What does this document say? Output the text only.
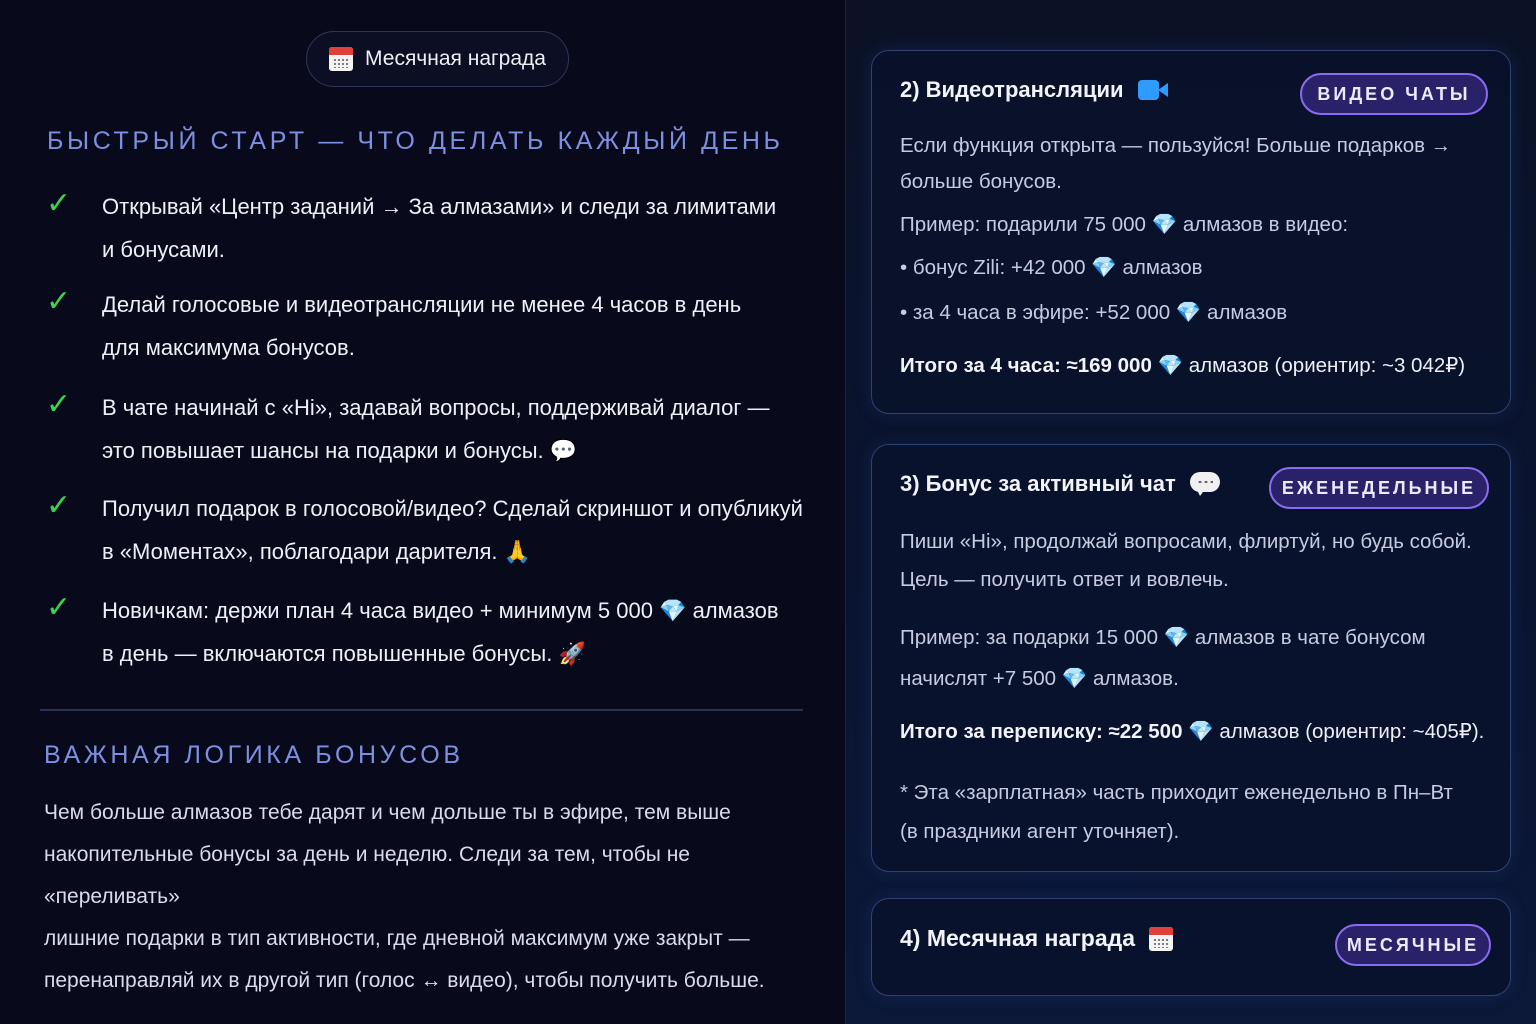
Месячная награда
БЫСТРЫЙ СТАРТ — ЧТО ДЕЛАТЬ КАЖДЫЙ ДЕНЬ
✓ Открывай «Центр заданий → За алмазами» и следи за лимитами
и бонусами.
✓ Делай голосовые и видеотрансляции не менее 4 часов в день
для максимума бонусов.
✓ В чате начинай с «Hi», задавай вопросы, поддерживай диалог —
это повышает шансы на подарки и бонусы. 💬
✓ Получил подарок в голосовой/видео? Сделай скриншот и опубликуй
в «Моментах», поблагодари дарителя. 🙏
✓ Новичкам: держи план 4 часа видео + минимум 5 000 💎 алмазов
в день — включаются повышенные бонусы. 🚀
ВАЖНАЯ ЛОГИКА БОНУСОВ
Чем больше алмазов тебе дарят и чем дольше ты в эфире, тем выше
накопительные бонусы за день и неделю. Следи за тем, чтобы не «переливать»
лишние подарки в тип активности, где дневной максимум уже закрыт —
перенаправляй их в другой тип (голос ↔ видео), чтобы получить больше.
2) Видеотрансляции	ВИДЕО ЧАТЫ
Если функция открыта — пользуйся! Больше подарков →
больше бонусов.
Пример: подарили 75 000 💎 алмазов в видео:
• бонус Zili: +42 000 💎 алмазов
• за 4 часа в эфире: +52 000 💎 алмазов
Итого за 4 часа: ≈169 000 💎 алмазов (ориентир: ~3 042₽)
3) Бонус за активный чат	ЕЖЕНЕДЕЛЬНЫЕ
Пиши «Hi», продолжай вопросами, флиртуй, но будь собой.
Цель — получить ответ и вовлечь.
Пример: за подарки 15 000 💎 алмазов в чате бонусом
начислят +7 500 💎 алмазов.
Итого за переписку: ≈22 500 💎 алмазов (ориентир: ~405₽).
* Эта «зарплатная» часть приходит еженедельно в Пн–Вт
(в праздники агент уточняет).
4) Месячная награда	МЕСЯЧНЫЕ
